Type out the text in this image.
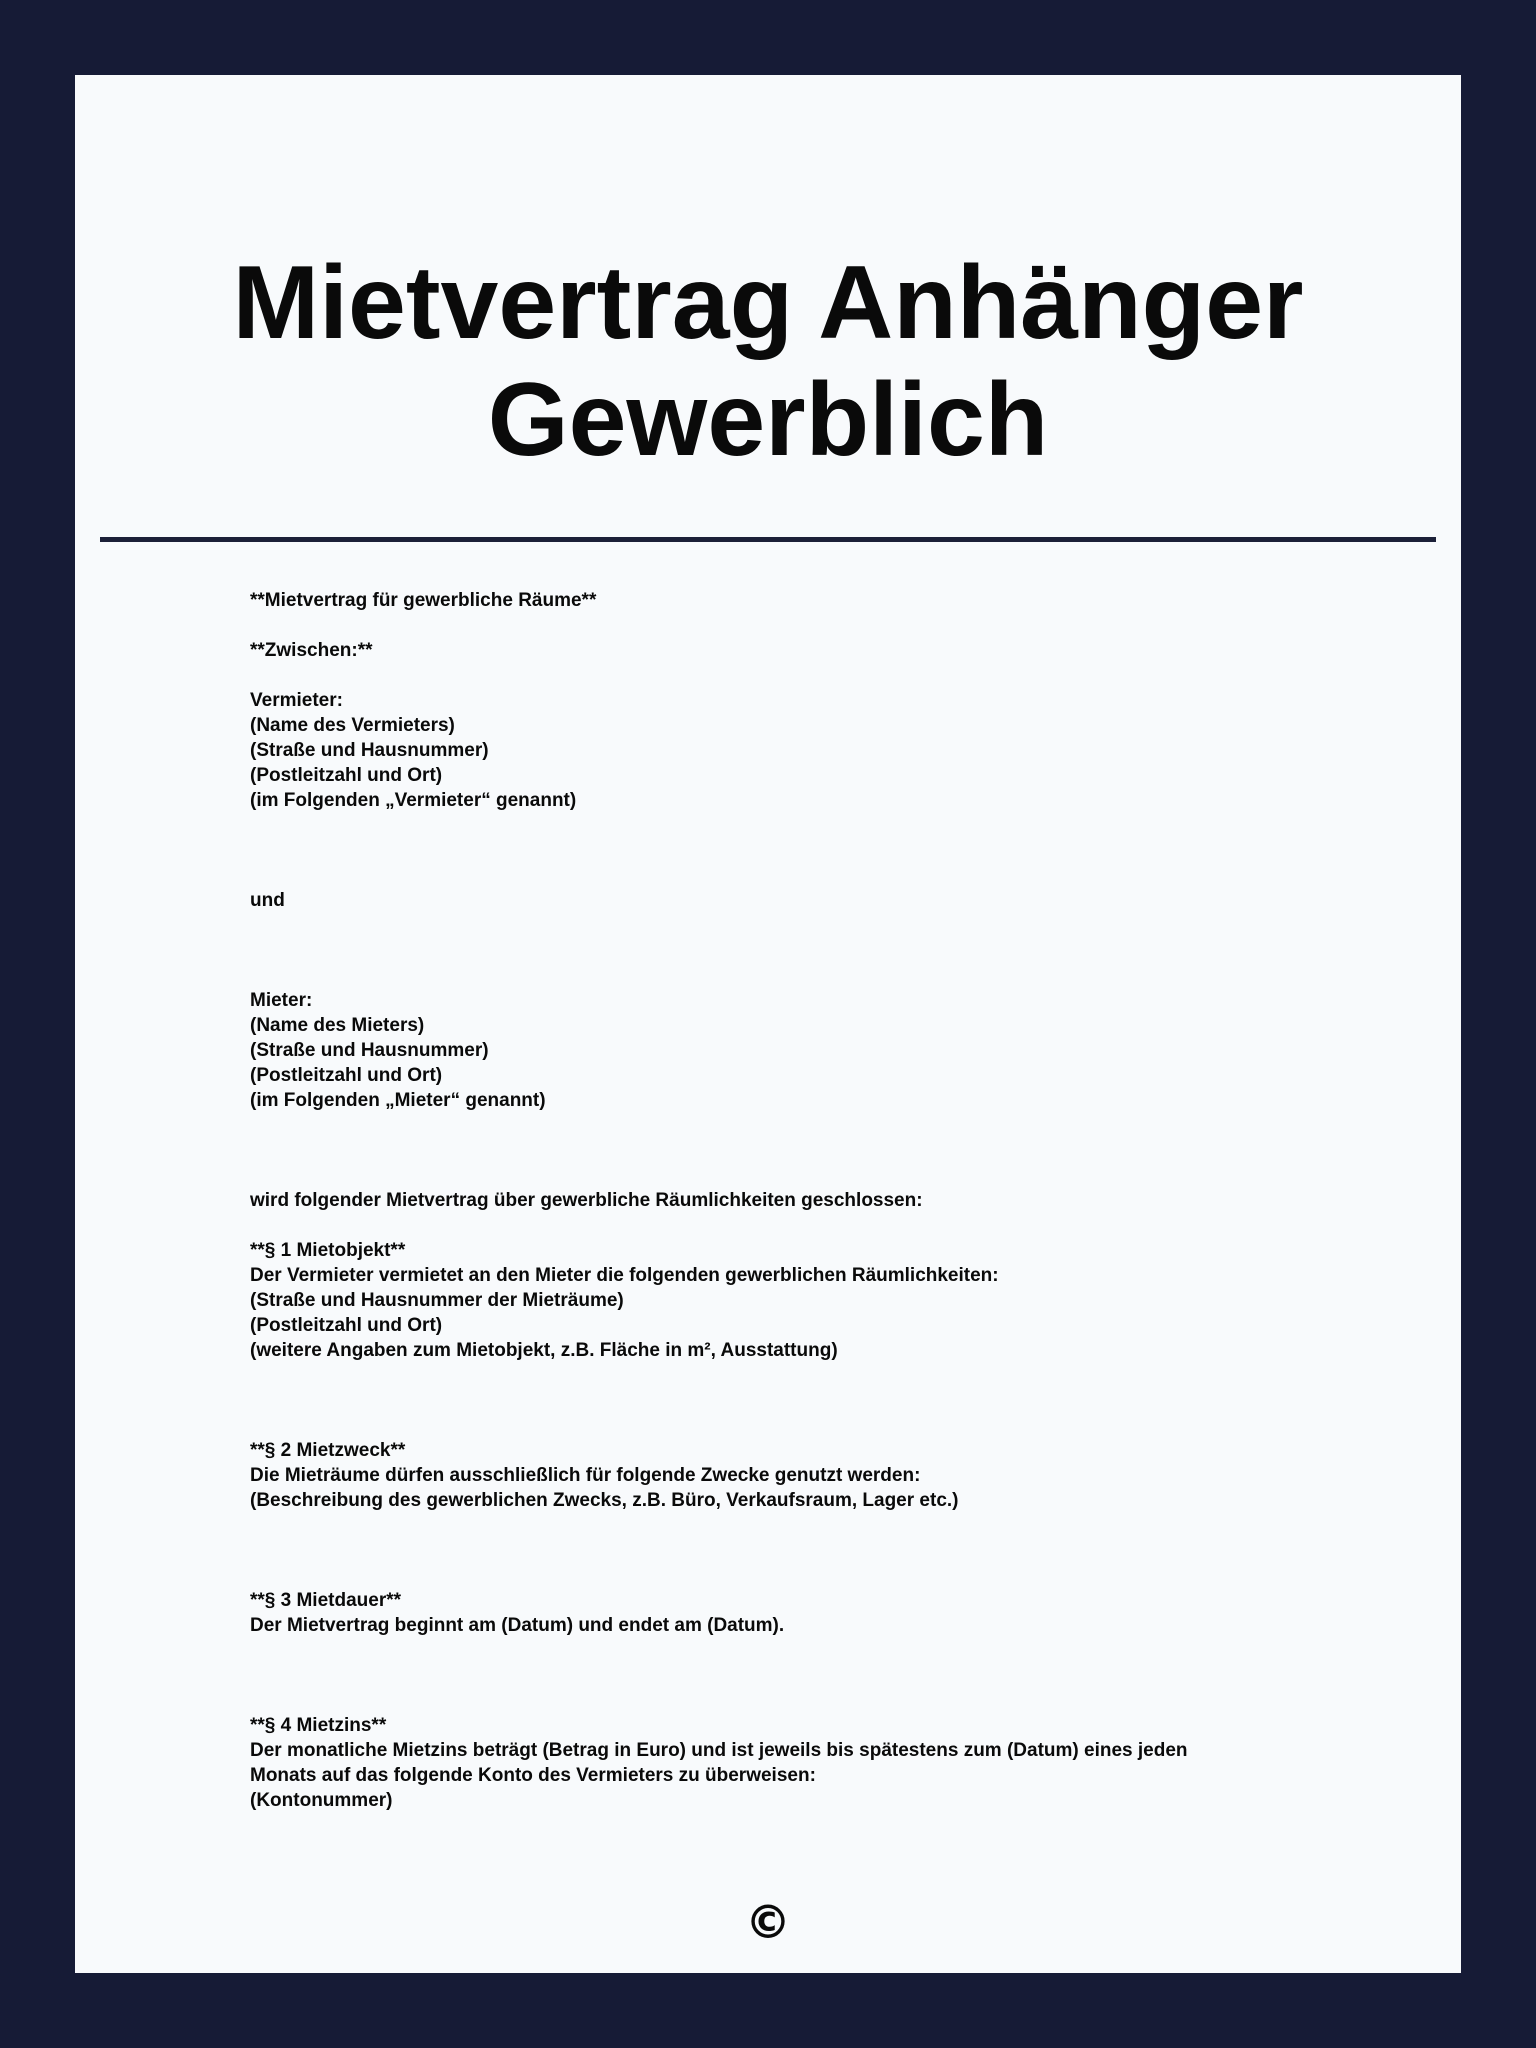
Mietvertrag Anhänger
Gewerblich
**Mietvertrag für gewerbliche Räume**
**Zwischen:**
Vermieter:
(Name des Vermieters)
(Straße und Hausnummer)
(Postleitzahl und Ort)
(im Folgenden „Vermieter“ genannt)
und
Mieter:
(Name des Mieters)
(Straße und Hausnummer)
(Postleitzahl und Ort)
(im Folgenden „Mieter“ genannt)
wird folgender Mietvertrag über gewerbliche Räumlichkeiten geschlossen:
**§ 1 Mietobjekt**
Der Vermieter vermietet an den Mieter die folgenden gewerblichen Räumlichkeiten:
(Straße und Hausnummer der Mieträume)
(Postleitzahl und Ort)
(weitere Angaben zum Mietobjekt, z.B. Fläche in m², Ausstattung)
**§ 2 Mietzweck**
Die Mieträume dürfen ausschließlich für folgende Zwecke genutzt werden:
(Beschreibung des gewerblichen Zwecks, z.B. Büro, Verkaufsraum, Lager etc.)
**§ 3 Mietdauer**
Der Mietvertrag beginnt am (Datum) und endet am (Datum).
**§ 4 Mietzins**
Der monatliche Mietzins beträgt (Betrag in Euro) und ist jeweils bis spätestens zum (Datum) eines jeden
Monats auf das folgende Konto des Vermieters zu überweisen:
(Kontonummer)
©
